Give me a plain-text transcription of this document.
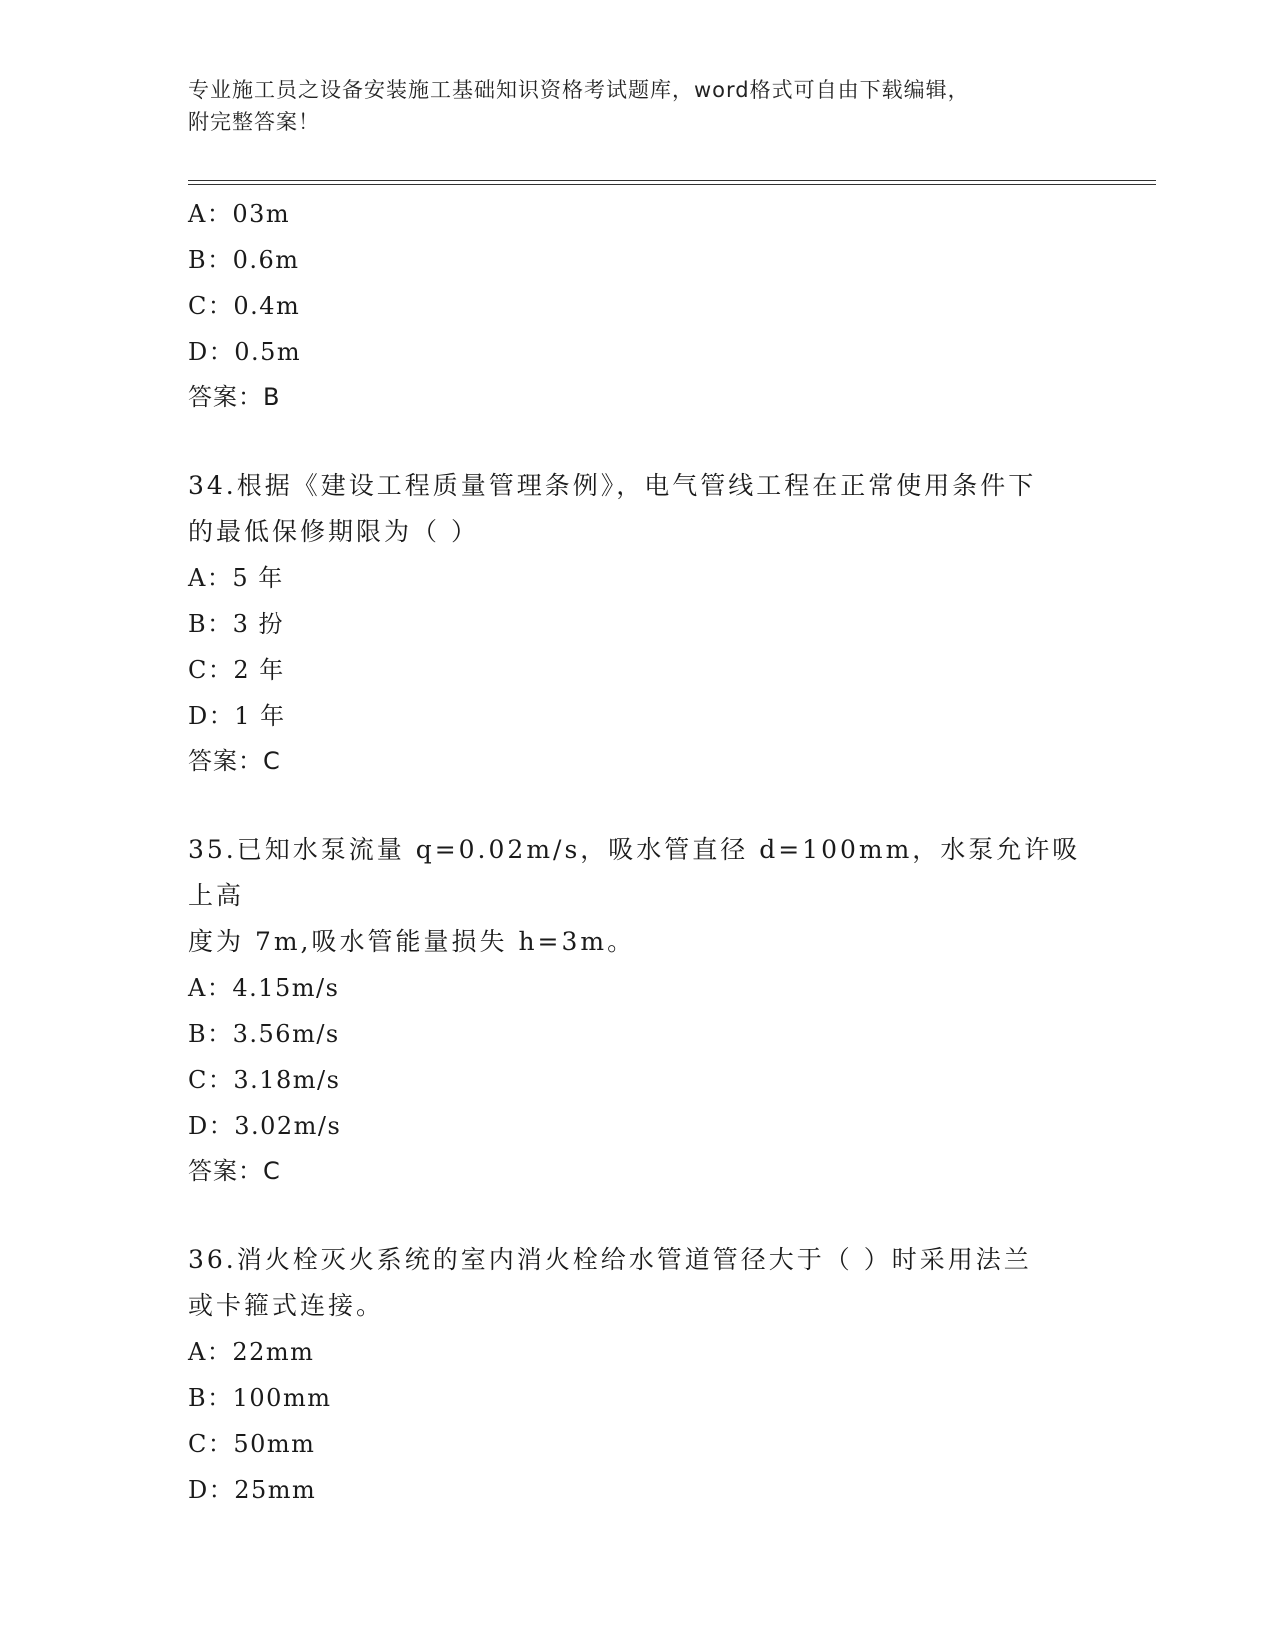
专业施工员之设备安装施工基础知识资格考试题库，word格式可自由下载编辑，
附完整答案！
A：03m
B：0.6m
C：0.4m
D：0.5m
答案：B
34.根据《建设工程质量管理条例》，电气管线工程在正常使用条件下
的最低保修期限为（ ）
A：5 年
B：3 扮
C：2 年
D：1 年
答案：C
35.已知水泵流量 q=0.02m/s，吸水管直径 d=100mm，水泵允许吸上高
度为 7m,吸水管能量损失 h=3m。
A：4.15m/s
B：3.56m/s
C：3.18m/s
D：3.02m/s
答案：C
36.消火栓灭火系统的室内消火栓给水管道管径大于（ ）时采用法兰
或卡箍式连接。
A：22mm
B：100mm
C：50mm
D：25mm
